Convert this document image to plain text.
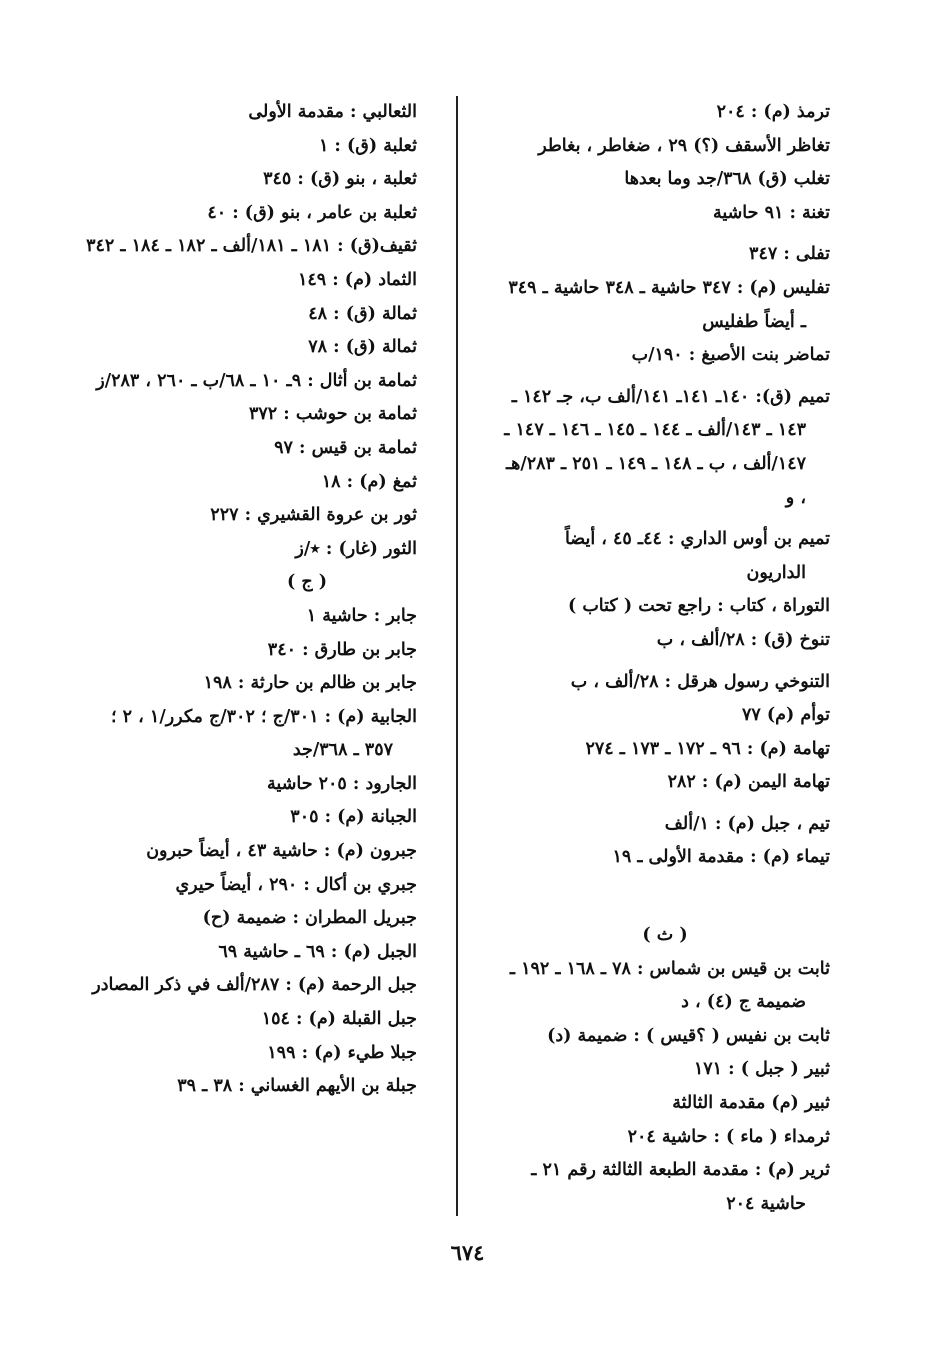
ترمذ (م) : ٢٠٤

تغاظر الأسقف (؟) ٢٩ ، ضغاطر ، بغاطر

تغلب (ق) ٣٦٨/جد وما بعدها

تغنة : ٩١ حاشية

تفلى : ٣٤٧

تفليس (م) : ٣٤٧ حاشية ـ ٣٤٨ حاشية ـ ٣٤٩ ـ أيضاً طفليس

تماضر بنت الأصبغ : ١٩٠/ب

تميم (ق): ١٤٠ـ ١٤١ـ ١٤١/ألف ب، جـ ١٤٢ ـ ١٤٣ ـ ١٤٣/ألف ـ ١٤٤ ـ ١٤٥ ـ ١٤٦ ـ ١٤٧ ـ ١٤٧/ألف ، ب ـ ١٤٨ ـ ١٤٩ ـ ٢٥١ ـ ٢٨٣/هـ ، و

تميم بن أوس الداري : ٤٤ـ ٤٥ ، أيضاً الداريون

التوراة ، كتاب : راجع تحت ( كتاب )

تنوخ (ق) : ٢٨/ألف ، ب

التنوخي رسول هرقل : ٢٨/ألف ، ب

توأم (م) ٧٧

تهامة (م) : ٩٦ ـ ١٧٢ ـ ١٧٣ ـ ٢٧٤

تهامة اليمن (م) : ٢٨٢

تيم ، جبل (م) : ١/ألف

تيماء (م) : مقدمة الأولى ـ ١٩

( ث )

ثابت بن قيس بن شماس : ٧٨ ـ ١٦٨ ـ ١٩٢ ـ ضميمة ج (٤) ، د

ثابت بن نفيس ( ؟قيس ) : ضميمة (د)

ثبير ( جبل ) : ١٧١

ثبير (م) مقدمة الثالثة

ثرمداء ( ماء ) : حاشية ٢٠٤

ثرير (م) : مقدمة الطبعة الثالثة رقم ٢١ ـ حاشية ٢٠٤

الثعالبي : مقدمة الأولى

ثعلبة (ق) : ١

ثعلبة ، بنو (ق) : ٣٤٥

ثعلبة بن عامر ، بنو (ق) : ٤٠

ثقيف(ق) : ١٨١ ـ ١٨١/ألف ـ ١٨٢ ـ ١٨٤ ـ ٣٤٢

الثماد (م) : ١٤٩

ثمالة (ق) : ٤٨

ثمالة (ق) : ٧٨

ثمامة بن أثال : ٩ـ ١٠ ـ ٦٨/ب ـ ٢٦٠ ، ٢٨٣/ز

ثمامة بن حوشب : ٣٧٢

ثمامة بن قيس : ٩٧

ثمغ (م) : ١٨

ثور بن عروة القشيري : ٢٢٧

الثور (غار) : ٭/ز

( ج )

جابر : حاشية ١

جابر بن طارق : ٣٤٠

جابر بن ظالم بن حارثة : ١٩٨

الجابية (م) : ٣٠١/ج ؛ ٣٠٢/ج مكرر/١ ، ٢ ؛ ٣٥٧ ـ ٣٦٨/جد

الجارود : ٢٠٥ حاشية

الجبانة (م) : ٣٠٥

جبرون (م) : حاشية ٤٣ ، أيضاً حبرون

جبري بن أكال : ٢٩٠ ، أيضاً حيري

جبريل المطران : ضميمة (ح)

الجبل (م) : ٦٩ ـ حاشية ٦٩

جبل الرحمة (م) : ٢٨٧/ألف في ذكر المصادر

جبل القبلة (م) : ١٥٤

جبلا طيء (م) : ١٩٩

جبلة بن الأيهم الغساني : ٣٨ ـ ٣٩

٦٧٤
